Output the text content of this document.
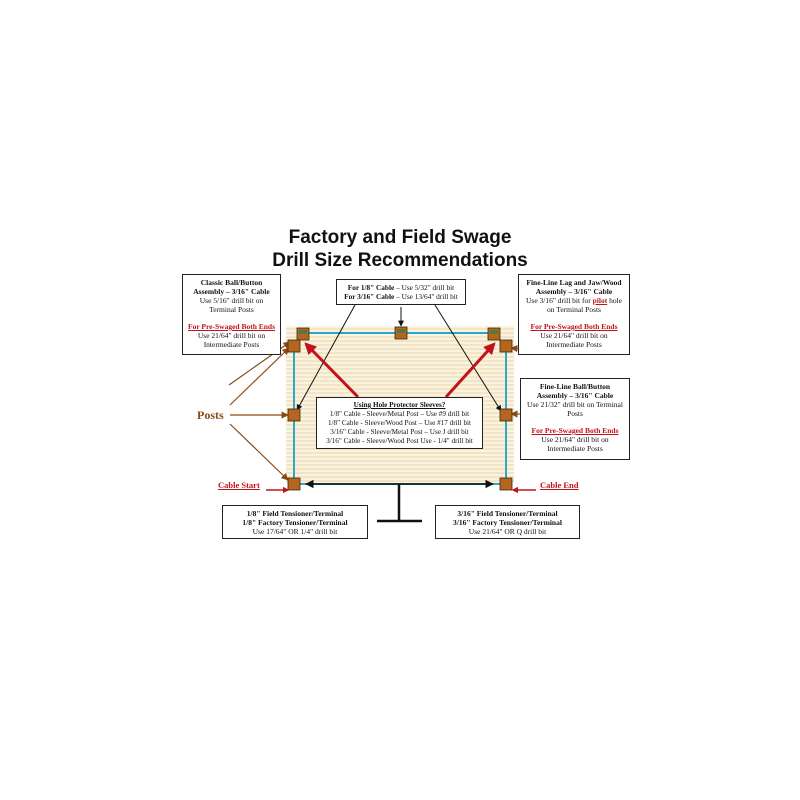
Factory and Field Swage
Drill Size Recommendations
For 1/8" Cable – Use 5/32" drill bit
For 3/16" Cable – Use 13/64" drill bit
Classic Ball/Button
Assembly – 3/16" Cable
Use 5/16" drill bit on
Terminal Posts
For Pre-Swaged Both Ends
Use 21/64" drill bit on
Intermediate Posts
Fine-Line Lag and Jaw/Wood
Assembly – 3/16" Cable
Use 3/16" drill bit for pilot hole
on Terminal Posts
For Pre-Swaged Both Ends
Use 21/64" drill bit on
Intermediate Posts
Fine-Line Ball/Button
Assembly – 3/16" Cable
Use 21/32" drill bit on Terminal
Posts
For Pre-Swaged Both Ends
Use 21/64" drill bit on
Intermediate Posts
Using Hole Protector Sleeves?
1/8" Cable - Sleeve/Metal Post – Use #9 drill bit
1/8" Cable - Sleeve/Wood Post – Use #17 drill bit
3/16" Cable - Sleeve/Metal Post – Use J drill bit
3/16" Cable - Sleeve/Wood Post Use - 1/4" drill bit
1/8" Field Tensioner/Terminal
1/8" Factory Tensioner/Terminal
Use 17/64" OR 1/4" drill bit
3/16" Field Tensioner/Terminal
3/16" Factory Tensioner/Terminal
Use 21/64" OR Q drill bit
Posts
Cable Start	Cable End
